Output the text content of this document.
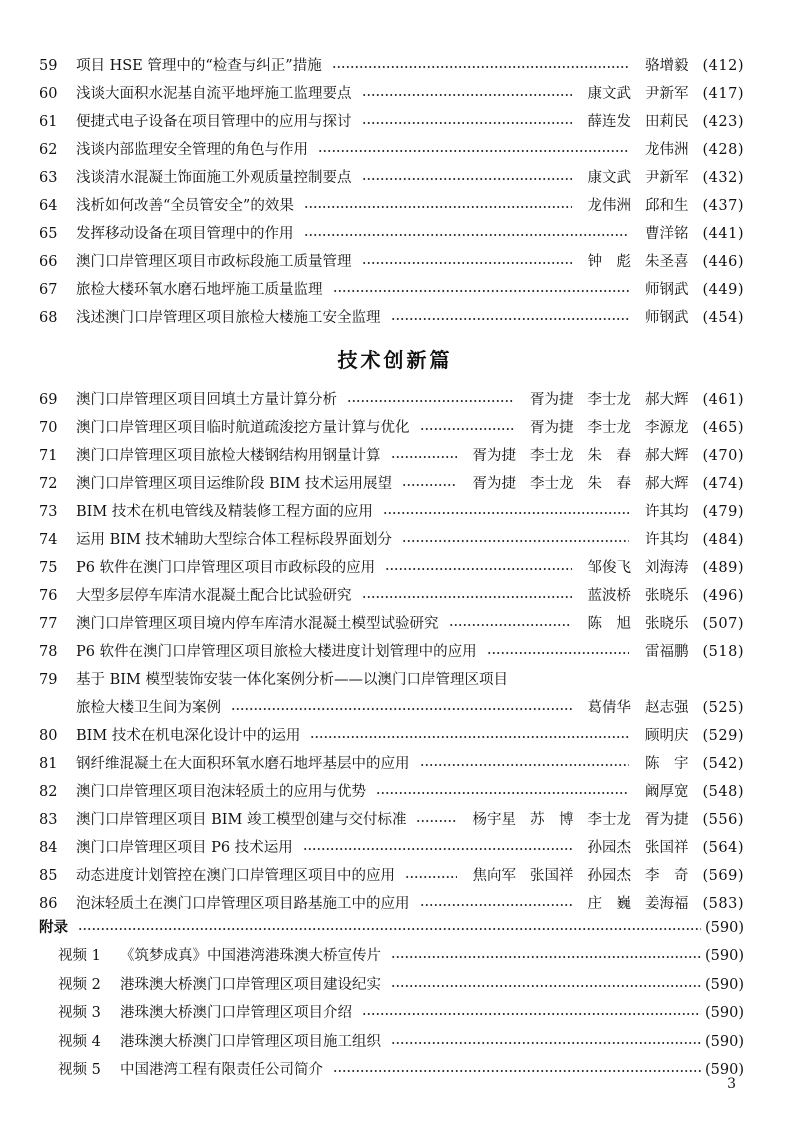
59	项目 HSE 管理中的“检查与纠正”措施	骆增毅 (412)
60	浅谈大面积水泥基自流平地坪施工监理要点	康文武 尹新军 (417)
61	便捷式电子设备在项目管理中的应用与探讨	薛连发 田莉民 (423)
62	浅谈内部监理安全管理的角色与作用	龙伟洲 (428)
63	浅谈清水混凝土饰面施工外观质量控制要点	康文武 尹新军 (432)
64	浅析如何改善“全员管安全”的效果	龙伟洲 邱和生 (437)
65	发挥移动设备在项目管理中的作用	曹洋铭 (441)
66	澳门口岸管理区项目市政标段施工质量管理	钟　彪 朱圣喜 (446)
67	旅检大楼环氧水磨石地坪施工质量监理	师钢武 (449)
68	浅述澳门口岸管理区项目旅检大楼施工安全监理	师钢武 (454)
69	澳门口岸管理区项目回填土方量计算分析	胥为捷 李士龙 郝大辉 (461)
70	澳门口岸管理区项目临时航道疏浚挖方量计算与优化	胥为捷 李士龙 李源龙 (465)
71	澳门口岸管理区项目旅检大楼钢结构用钢量计算	胥为捷 李士龙 朱　春 郝大辉 (470)
72	澳门口岸管理区项目运维阶段 BIM 技术运用展望	胥为捷 李士龙 朱　春 郝大辉 (474)
73	BIM 技术在机电管线及精装修工程方面的应用	许其均 (479)
74	运用 BIM 技术辅助大型综合体工程标段界面划分	许其均 (484)
75	P6 软件在澳门口岸管理区项目市政标段的应用	邹俊飞 刘海涛 (489)
76	大型多层停车库清水混凝土配合比试验研究	蓝波桥 张晓乐 (496)
77	澳门口岸管理区项目境内停车库清水混凝土模型试验研究	陈　旭 张晓乐 (507)
78	P6 软件在澳门口岸管理区项目旅检大楼进度计划管理中的应用	雷福鹏 (518)
79	基于 BIM 模型装饰安装一体化案例分析——以澳门口岸管理区项目
旅检大楼卫生间为案例	葛倩华 赵志强 (525)
80	BIM 技术在机电深化设计中的运用	顾明庆 (529)
81	钢纤维混凝土在大面积环氧水磨石地坪基层中的应用	陈　宇 (542)
82	澳门口岸管理区项目泡沫轻质土的应用与优势	阚厚宽 (548)
83	澳门口岸管理区项目 BIM 竣工模型创建与交付标准	杨宇星 苏　博 李士龙 胥为捷 (556)
84	澳门口岸管理区项目 P6 技术运用	孙园杰 张国祥 (564)
85	动态进度计划管控在澳门口岸管理区项目中的应用	焦向军 张国祥 孙园杰 李　奇 (569)
86	泡沫轻质土在澳门口岸管理区项目路基施工中的应用	庄　巍 姜海福 (583)
附录	(590)
视频 1 《筑梦成真》中国港湾港珠澳大桥宣传片	(590)
视频 2 港珠澳大桥澳门口岸管理区项目建设纪实	(590)
视频 3 港珠澳大桥澳门口岸管理区项目介绍	(590)
视频 4 港珠澳大桥澳门口岸管理区项目施工组织	(590)
视频 5 中国港湾工程有限责任公司简介	(590)
技术创新篇
3
